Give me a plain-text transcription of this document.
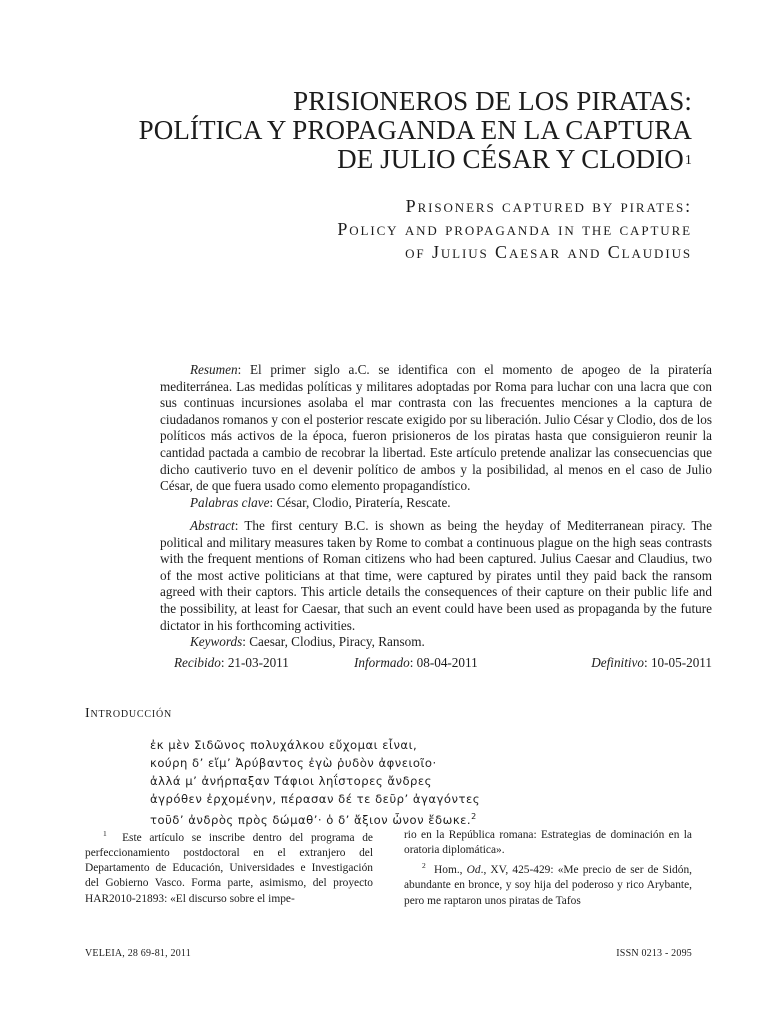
PRISIONEROS DE LOS PIRATAS:
POLÍTICA Y PROPAGANDA EN LA CAPTURA
DE JULIO CÉSAR Y CLODIO$^1$
Prisoners captured by pirates:
Policy and propaganda in the capture
of Julius Caesar and Claudius

Resumen: El primer siglo a.C. se identifica con el momento de apogeo de la piratería mediterránea. Las medidas políticas y militares adoptadas por Roma para luchar con una lacra que con sus continuas incursiones asolaba el mar contrasta con las frecuentes menciones a la captura de ciudadanos romanos y con el posterior rescate exigido por su liberación. Julio César y Clodio, dos de los políticos más activos de la época, fueron prisioneros de los piratas hasta que consiguieron reunir la cantidad pactada a cambio de recobrar la libertad. Este artículo pretende analizar las consecuencias que dicho cautiverio tuvo en el devenir político de ambos y la posibilidad, al menos en el caso de Julio César, de que fuera usado como elemento propagandístico.

Palabras clave: César, Clodio, Piratería, Rescate.

Abstract: The first century B.C. is shown as being the heyday of Mediterranean piracy. The political and military measures taken by Rome to combat a continuous plague on the high seas contrasts with the frequent mentions of Roman citizens who had been captured. Julius Caesar and Claudius, two of the most active politicians at that time, were captured by pirates until they paid back the ransom agreed with their captors. This article details the consequences of their capture on their public life and the possibility, at least for Caesar, that such an event could have been used as propaganda by the future dictator in his forthcoming activities.

Keywords: Caesar, Clodius, Piracy, Ransom.

Recibido: 21-03-2011	Informado: 08-04-2011	Definitivo: 10-05-2011
Introducción
ἐκ μὲν Σιδῶνος πολυχάλκου εὔχομαι εἶναι,
κούρη δ’ εἴμ’ Ἀρύβαντος ἐγὼ ῥυδὸν ἀφνειοῖο·
ἀλλά μ’ ἀνήρπαξαν Τάφιοι ληΐστορες ἄνδρες
ἀγρόθεν ἐρχομένην, πέρασαν δέ τε δεῦρ’ ἀγαγόντες
τοῦδ’ ἀνδρὸς πρὸς δώμαθ’· ὁ δ’ ἄξιον ὦνον ἔδωκε.$^2$

$^1$ Este artículo se inscribe dentro del programa de perfeccionamiento postdoctoral en el extranjero del Departamento de Educación, Universidades e Investigación del Gobierno Vasco. Forma parte, asimismo, del proyecto HAR2010-21893: «El discurso sobre el impe-

rio en la República romana: Estrategias de dominación en la oratoria diplomática».

$^2$ Hom., Od., XV, 425-429: «Me precio de ser de Sidón, abundante en bronce, y soy hija del poderoso y rico Arybante, pero me raptaron unos piratas de Tafos

VELEIA, 28 69-81, 2011	ISSN 0213 - 2095
